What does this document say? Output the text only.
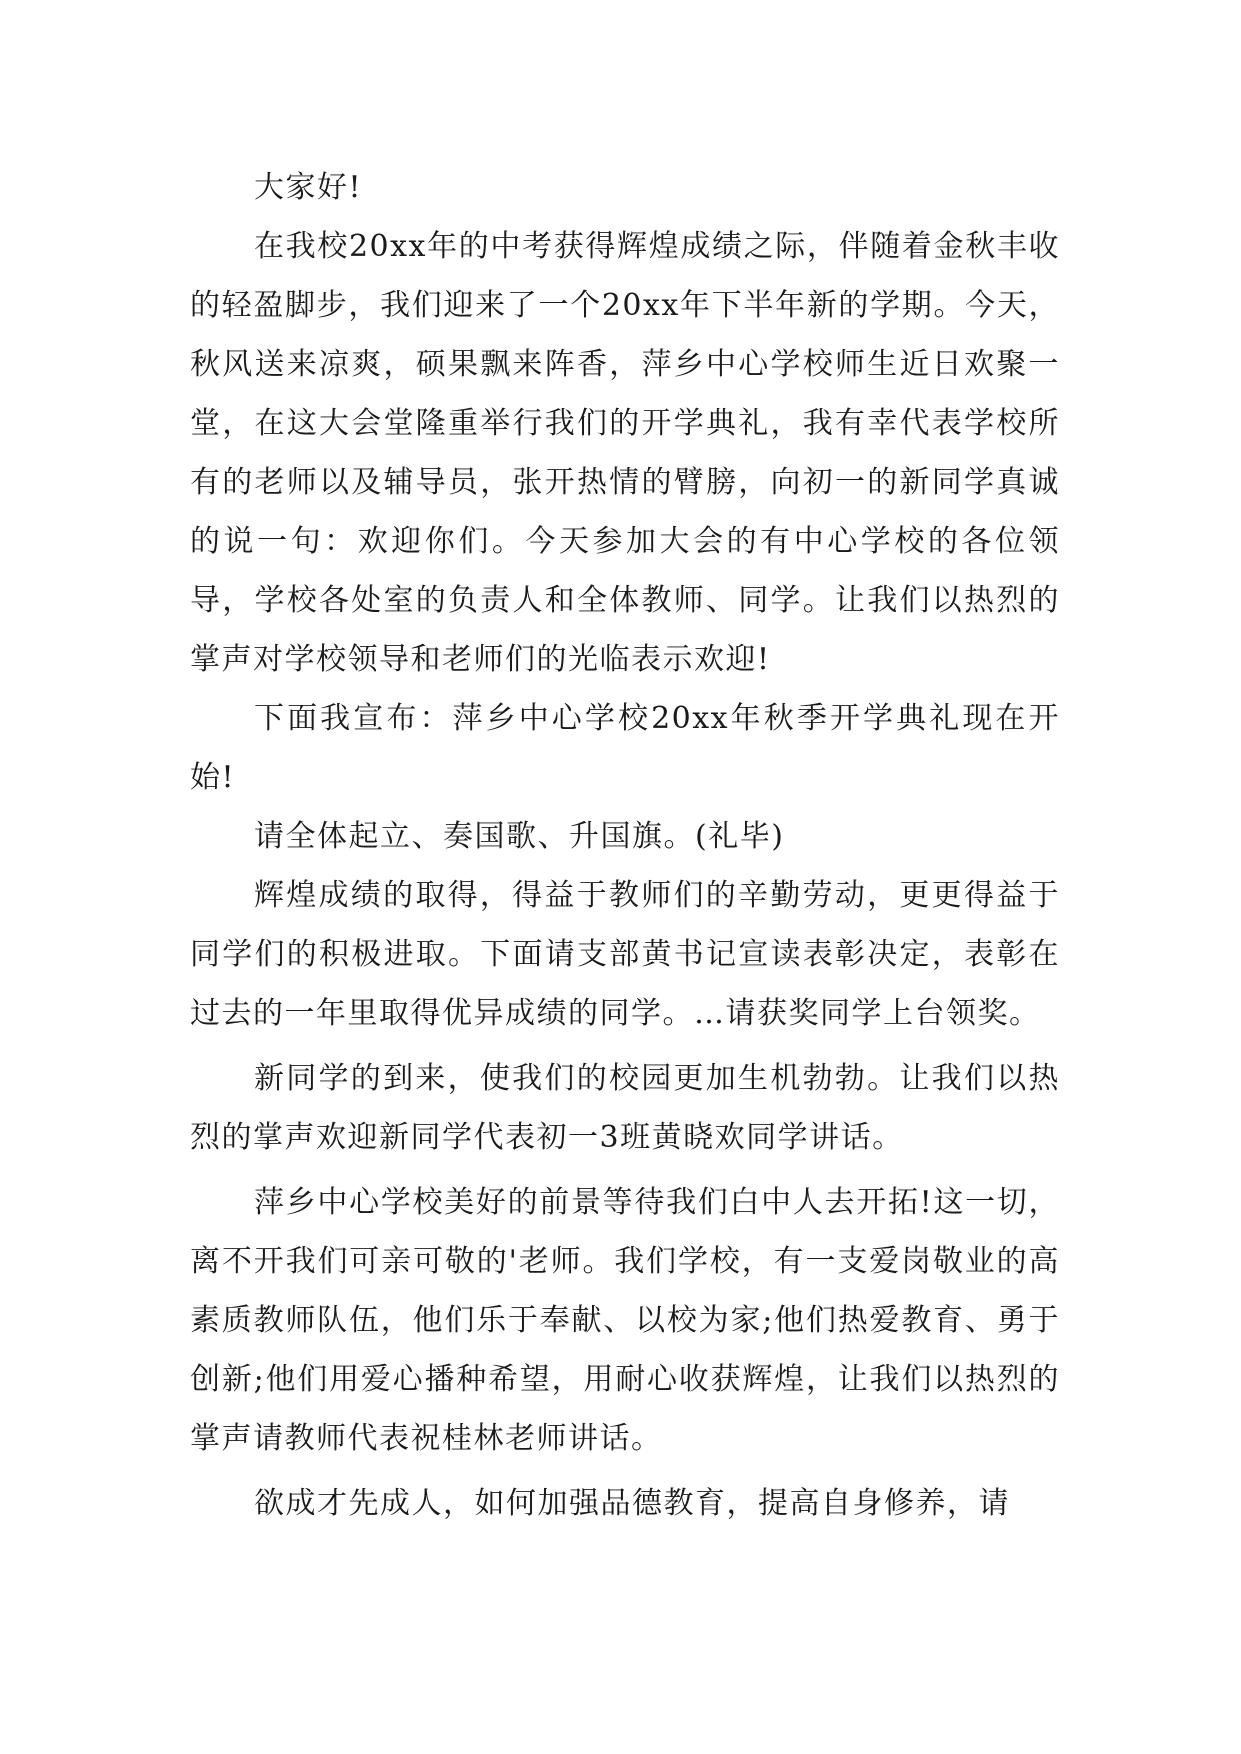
大家好!

在我校20xx年的中考获得辉煌成绩之际，伴随着金秋丰收的轻盈脚步，我们迎来了一个20xx年下半年新的学期。今天，秋风送来凉爽，硕果飘来阵香，萍乡中心学校师生近日欢聚一堂，在这大会堂隆重举行我们的开学典礼，我有幸代表学校所有的老师以及辅导员，张开热情的臂膀，向初一的新同学真诚的说一句：欢迎你们。今天参加大会的有中心学校的各位领导，学校各处室的负责人和全体教师、同学。让我们以热烈的掌声对学校领导和老师们的光临表示欢迎!

下面我宣布：萍乡中心学校20xx年秋季开学典礼现在开始!

请全体起立、奏国歌、升国旗。(礼毕)

辉煌成绩的取得，得益于教师们的辛勤劳动，更更得益于同学们的积极进取。下面请支部黄书记宣读表彰决定，表彰在过去的一年里取得优异成绩的同学。…请获奖同学上台领奖。

新同学的到来，使我们的校园更加生机勃勃。让我们以热烈的掌声欢迎新同学代表初一3班黄晓欢同学讲话。

萍乡中心学校美好的前景等待我们白中人去开拓!这一切，离不开我们可亲可敬的'老师。我们学校，有一支爱岗敬业的高素质教师队伍，他们乐于奉献、以校为家;他们热爱教育、勇于创新;他们用爱心播种希望，用耐心收获辉煌，让我们以热烈的掌声请教师代表祝桂林老师讲话。

欲成才先成人，如何加强品德教育，提高自身修养，请
